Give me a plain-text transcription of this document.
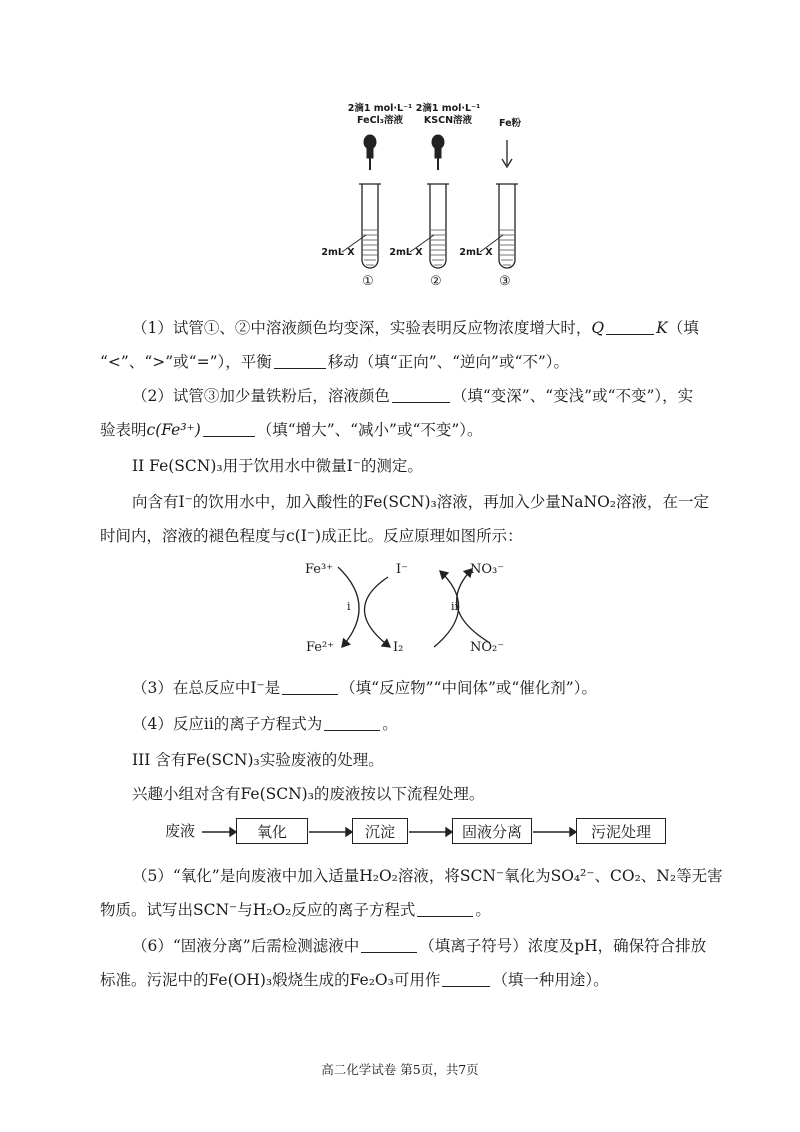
2滴1 mol·L⁻¹
FeCl₃溶液
2滴1 mol·L⁻¹
KSCN溶液	Fe粉
2mL X	2mL X	2mL X
①	②	③
（1）试管①、②中溶液颜色均变深，实验表明反应物浓度增大时，Q	K（填
“<”、“>”或“=”），平衡	移动（填“正向”、“逆向”或“不”）。
（2）试管③加少量铁粉后，溶液颜色	（填“变深”、“变浅”或“不变”），实
验表明c(Fe³⁺)	（填“增大”、“减小”或“不变”）。
II Fe(SCN)₃用于饮用水中微量I⁻的测定。
向含有I⁻的饮用水中，加入酸性的Fe(SCN)₃溶液，再加入少量NaNO₂溶液，在一定
时间内，溶液的褪色程度与c(I⁻)成正比。反应原理如图所示：
Fe³⁺
Fe²⁺
I⁻
I₂
NO₃⁻
NO₂⁻
i	ii
（3）在总反应中I⁻是	（填“反应物”“中间体”或“催化剂”）。
（4）反应ii的离子方程式为	。
III 含有Fe(SCN)₃实验废液的处理。
兴趣小组对含有Fe(SCN)₃的废液按以下流程处理。
废液	氧化	沉淀	固液分离	污泥处理
（5）“氧化”是向废液中加入适量H₂O₂溶液，将SCN⁻氧化为SO₄²⁻、CO₂、N₂等无害
物质。试写出SCN⁻与H₂O₂反应的离子方程式	。
（6）“固液分离”后需检测滤液中	（填离子符号）浓度及pH，确保符合排放
标准。污泥中的Fe(OH)₃煅烧生成的Fe₂O₃可用作	（填一种用途）。
高二化学试卷 第5页，共7页
